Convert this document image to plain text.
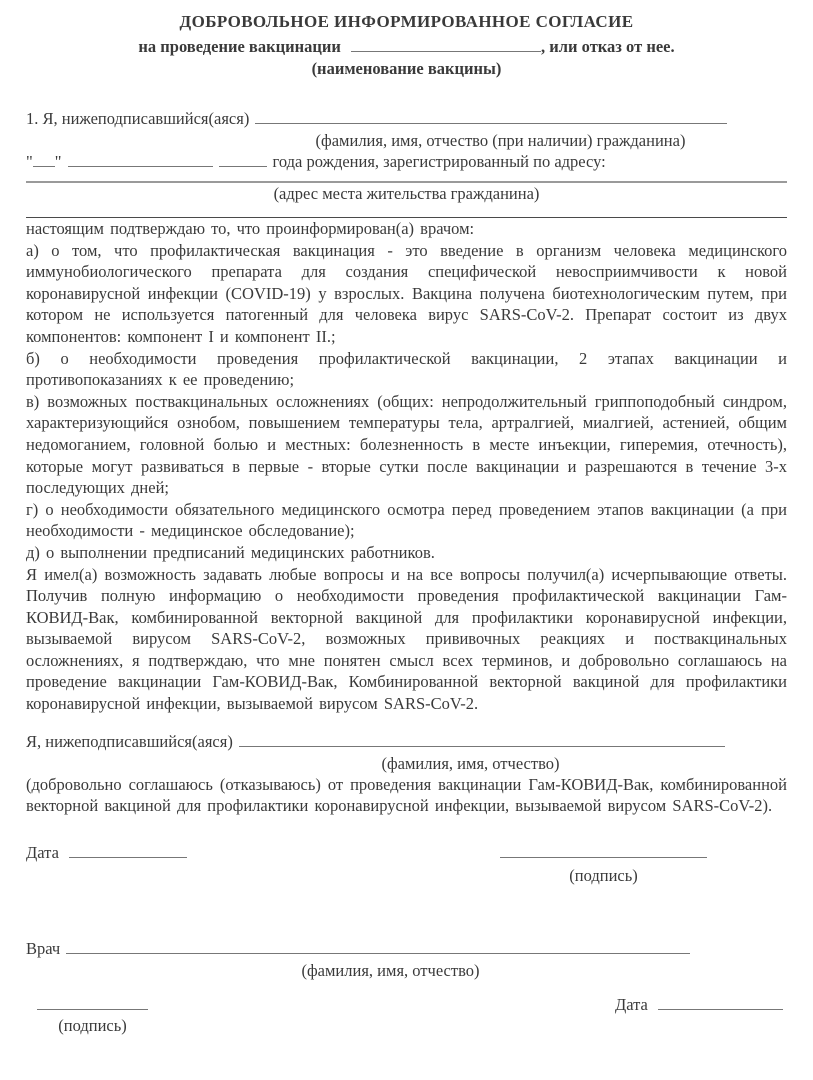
ДОБРОВОЛЬНОЕ ИНФОРМИРОВАННОЕ СОГЛАСИЕ
на проведение вакцинации	, или отказ от нее.
(наименование вакцины)
1. Я, нижеподписавшийся(аяся)
(фамилия, имя, отчество (при наличии) гражданина)
" "	года рождения, зарегистрированный по адресу:
(адрес места жительства гражданина)

настоящим подтверждаю то, что проинформирован(а) врачом:

а) о том, что профилактическая вакцинация - это введение в организм человека медицинского иммунобиологического препарата для создания специфической невосприимчивости к новой коронавирусной инфекции (COVID-19) у взрослых. Вакцина получена биотехнологическим путем, при котором не используется патогенный для человека вирус SARS-CoV-2. Препарат состоит из двух компонентов: компонент I и компонент II.;

б) о необходимости проведения профилактической вакцинации, 2 этапах вакцинации и противопоказаниях к ее проведению;

в) возможных поствакцинальных осложнениях (общих: непродолжительный гриппоподобный синдром, характеризующийся ознобом, повышением температуры тела, артралгией, миалгией, астенией, общим недомоганием, головной болью и местных: болезненность в месте инъекции, гиперемия, отечность), которые могут развиваться в первые - вторые сутки после вакцинации и разрешаются в течение 3-х последующих дней;

г) о необходимости обязательного медицинского осмотра перед проведением этапов вакцинации (а при необходимости - медицинское обследование);

д) о выполнении предписаний медицинских работников.

Я имел(а) возможность задавать любые вопросы и на все вопросы получил(а) исчерпывающие ответы. Получив полную информацию о необходимости проведения профилактической вакцинации Гам-КОВИД-Вак, комбинированной векторной вакциной для профилактики коронавирусной инфекции, вызываемой вирусом SARS-CoV-2, возможных прививочных реакциях и поствакцинальных осложнениях, я подтверждаю, что мне понятен смысл всех терминов, и добровольно соглашаюсь на проведение вакцинации Гам-КОВИД-Вак, Комбинированной векторной вакциной для профилактики коронавирусной инфекции, вызываемой вирусом SARS-CoV-2.

Я, нижеподписавшийся(аяся)
(фамилия, имя, отчество)

(добровольно соглашаюсь (отказываюсь) от проведения вакцинации Гам-КОВИД-Вак, комбинированной векторной вакциной для профилактики коронавирусной инфекции, вызываемой вирусом SARS-CoV-2).

Дата
(подпись)
Врач
(фамилия, имя, отчество)
(подпись)
Дата
